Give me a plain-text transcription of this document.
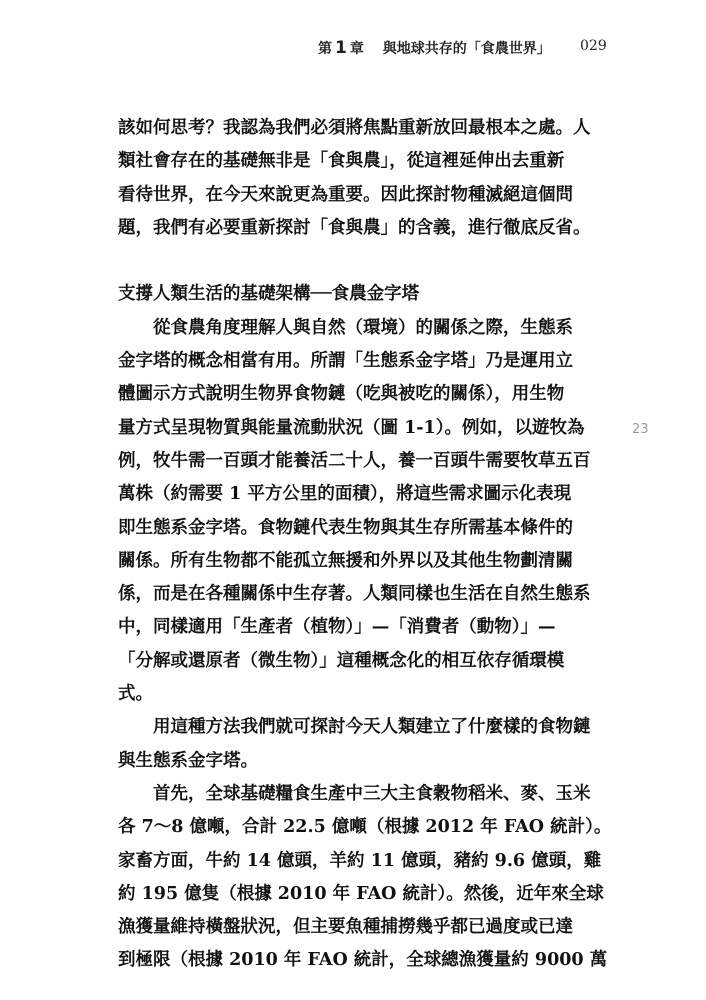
第 1 章 與地球共存的「食農世界」 029
23
該如何思考？我認為我們必須將焦點重新放回最根本之處。人
類社會存在的基礎無非是「食與農」，從這裡延伸出去重新
看待世界，在今天來說更為重要。因此探討物種滅絕這個問
題，我們有必要重新探討「食與農」的含義，進行徹底反省。
支撐人類生活的基礎架構──食農金字塔
從食農角度理解人與自然（環境）的關係之際，生態系
金字塔的概念相當有用。所謂「生態系金字塔」乃是運用立
體圖示方式說明生物界食物鏈（吃與被吃的關係），用生物
量方式呈現物質與能量流動狀況（圖 1-1）。例如，以遊牧為
例，牧牛需一百頭才能養活二十人，養一百頭牛需要牧草五百
萬株（約需要 1 平方公里的面積），將這些需求圖示化表現
即生態系金字塔。食物鏈代表生物與其生存所需基本條件的
關係。所有生物都不能孤立無援和外界以及其他生物劃清關
係，而是在各種關係中生存著。人類同樣也生活在自然生態系
中，同樣適用「生產者（植物）」—「消費者（動物）」—
「分解或還原者（微生物）」這種概念化的相互依存循環模
式。
用這種方法我們就可探討今天人類建立了什麼樣的食物鏈
與生態系金字塔。
首先，全球基礎糧食生產中三大主食穀物稻米、麥、玉米
各 7～8 億噸，合計 22.5 億噸（根據 2012 年 FAO 統計）。
家畜方面，牛約 14 億頭，羊約 11 億頭，豬約 9.6 億頭，雞
約 195 億隻（根據 2010 年 FAO 統計）。然後，近年來全球
漁獲量維持橫盤狀況，但主要魚種捕撈幾乎都已過度或已達
到極限（根據 2010 年 FAO 統計，全球總漁獲量約 9000 萬
